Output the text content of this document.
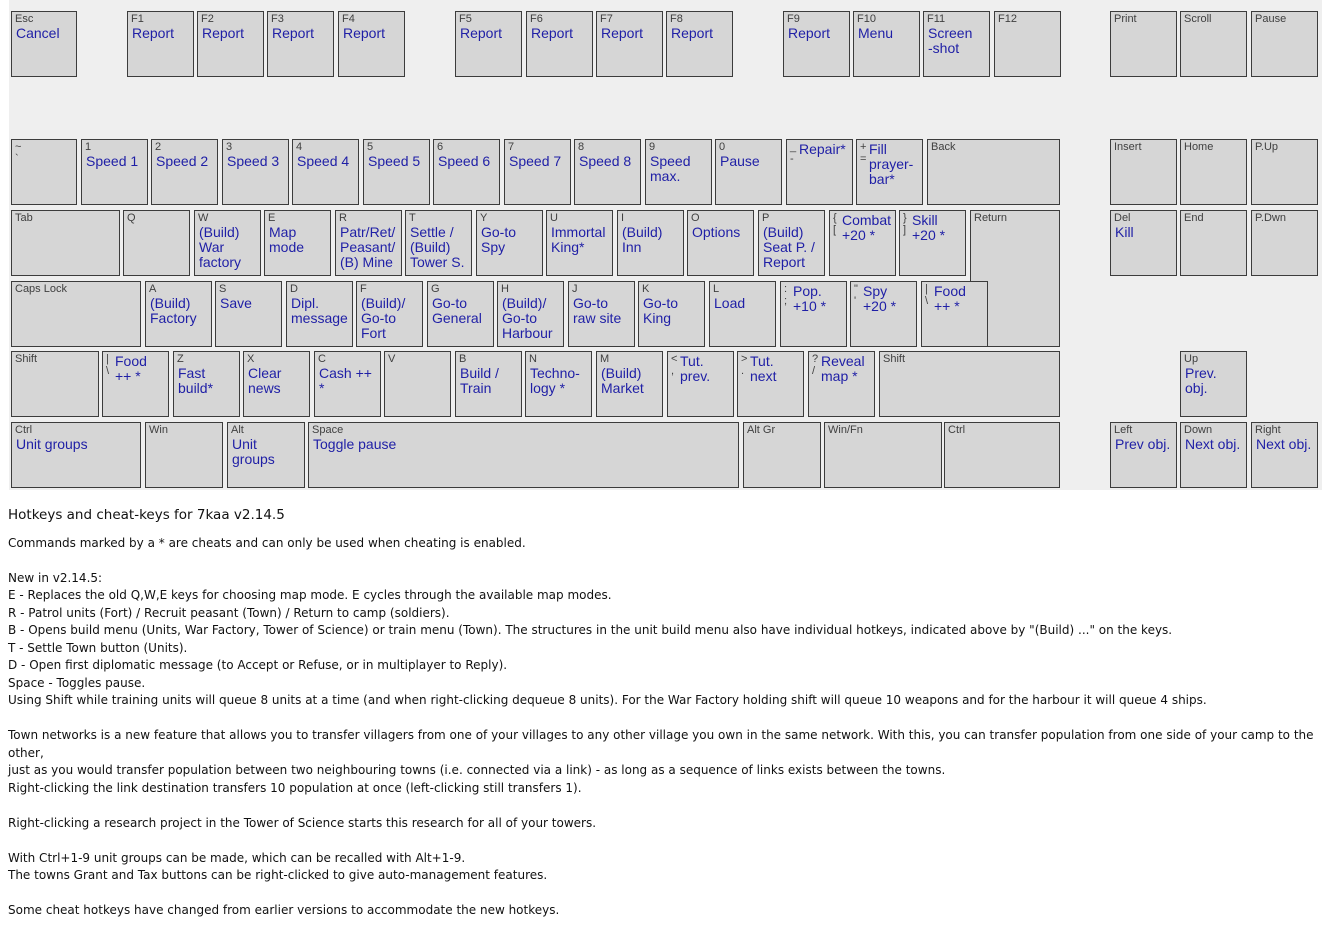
Esc
Cancel
F1
Report
F2
Report
F3
Report
F4
Report
F5
Report
F6
Report
F7
Report
F8
Report
F9
Report
F10
Menu
F11
Screen
-shot
F12	Print	Scroll	Pause
~
`
1
Speed 1
2
Speed 2
3
Speed 3
4
Speed 4
5
Speed 5
6
Speed 6
7
Speed 7
8
Speed 8
9
Speed
max.
0
Pause
_
-
Repair* +
=
Fill
prayer-
bar*
Back	Insert	Home	P.Up
Tab	Q	W
(Build)
War
factory
E
Map
mode
R
Patr/Ret/
Peasant/
(B) Mine
T
Settle /
(Build)
Tower S.
Y
Go-to
Spy
U
Immortal
King*
I
(Build)
Inn
O
Options
P
(Build)
Seat P. /
Report
{
[
Combat
+20 *
}
]
Skill
+20 *
Return	Del
Kill
End	P.Dwn
Caps Lock	A
(Build)
Factory
S
Save
D
Dipl.
message
F
(Build)/
Go-to
Fort
G
Go-to
General
H
(Build)/
Go-to
Harbour
J
Go-to
raw site
K
Go-to
King
L
Load
:
;
Pop.
+10 *
"
'
Spy
+20 *
|
\
Food
++ *
Shift	|
\
Food
++ *
Z
Fast
build*
X
Clear
news
C
Cash ++
*
V	B
Build /
Train
N
Techno-
logy *
M
(Build)
Market
<
,
Tut.
prev.
>
.
Tut.
next
?
/
Reveal
map *
Shift	Up
Prev.
obj.
Ctrl
Unit groups
Win	Alt
Unit
groups
Space
Toggle pause
Alt Gr	Win/Fn	Ctrl	Left
Prev obj.
Down
Next obj.
Right
Next obj.
Hotkeys and cheat-keys for 7kaa v2.14.5

Commands marked by a * are cheats and can only be used when cheating is enabled.

New in v2.14.5:
E - Replaces the old Q,W,E keys for choosing map mode. E cycles through the available map modes.
R - Patrol units (Fort) / Recruit peasant (Town) / Return to camp (soldiers).
B - Opens build menu (Units, War Factory, Tower of Science) or train menu (Town). The structures in the unit build menu also have individual hotkeys, indicated above by "(Build) ..." on the keys.
T - Settle Town button (Units).
D - Open first diplomatic message (to Accept or Refuse, or in multiplayer to Reply).
Space - Toggles pause.
Using Shift while training units will queue 8 units at a time (and when right-clicking dequeue 8 units). For the War Factory holding shift will queue 10 weapons and for the harbour it will queue 4 ships.

Town networks is a new feature that allows you to transfer villagers from one of your villages to any other village you own in the same network. With this, you can transfer population from one side of your camp to the other,
just as you would transfer population between two neighbouring towns (i.e. connected via a link) - as long as a sequence of links exists between the towns.
Right-clicking the link destination transfers 10 population at once (left-clicking still transfers 1).

Right-clicking a research project in the Tower of Science starts this research for all of your towers.

With Ctrl+1-9 unit groups can be made, which can be recalled with Alt+1-9.
The towns Grant and Tax buttons can be right-clicked to give auto-management features.

Some cheat hotkeys have changed from earlier versions to accommodate the new hotkeys.
